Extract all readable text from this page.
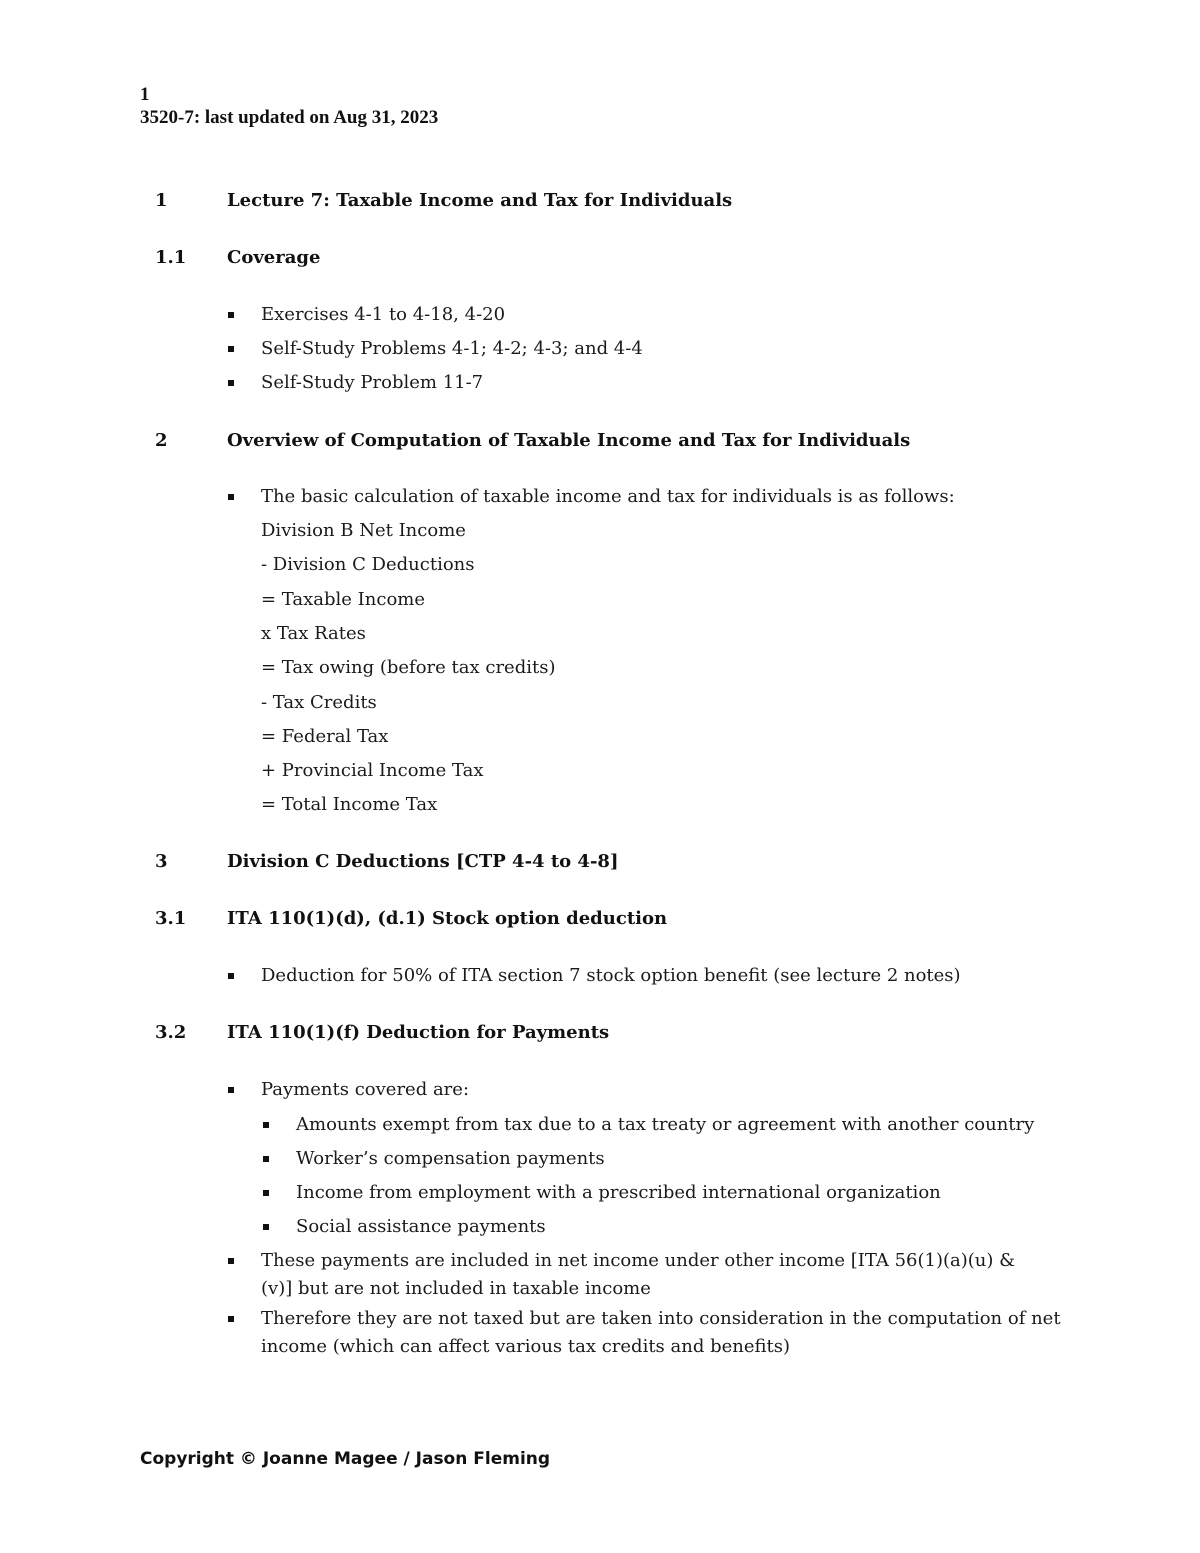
1
3520-7: last updated on Aug 31, 2023
1	Lecture 7: Taxable Income and Tax for Individuals
1.1 Coverage
Exercises 4-1 to 4-18, 4-20
Self-Study Problems 4-1; 4-2; 4-3; and 4-4
Self-Study Problem 11-7
2	Overview of Computation of Taxable Income and Tax for Individuals
The basic calculation of taxable income and tax for individuals is as follows:
Division B Net Income
- Division C Deductions
= Taxable Income
x Tax Rates
= Tax owing (before tax credits)
- Tax Credits
= Federal Tax
+ Provincial Income Tax
= Total Income Tax
3	Division C Deductions [CTP 4-4 to 4-8]
3.1 ITA 110(1)(d), (d.1) Stock option deduction
Deduction for 50% of ITA section 7 stock option benefit (see lecture 2 notes)
3.2 ITA 110(1)(f) Deduction for Payments
Payments covered are:
Amounts exempt from tax due to a tax treaty or agreement with another country
Worker’s compensation payments
Income from employment with a prescribed international organization
Social assistance payments
These payments are included in net income under other income [ITA 56(1)(a)(u) &
(v)] but are not included in taxable income
Therefore they are not taxed but are taken into consideration in the computation of net
income (which can affect various tax credits and benefits)
Copyright © Joanne Magee / Jason Fleming
